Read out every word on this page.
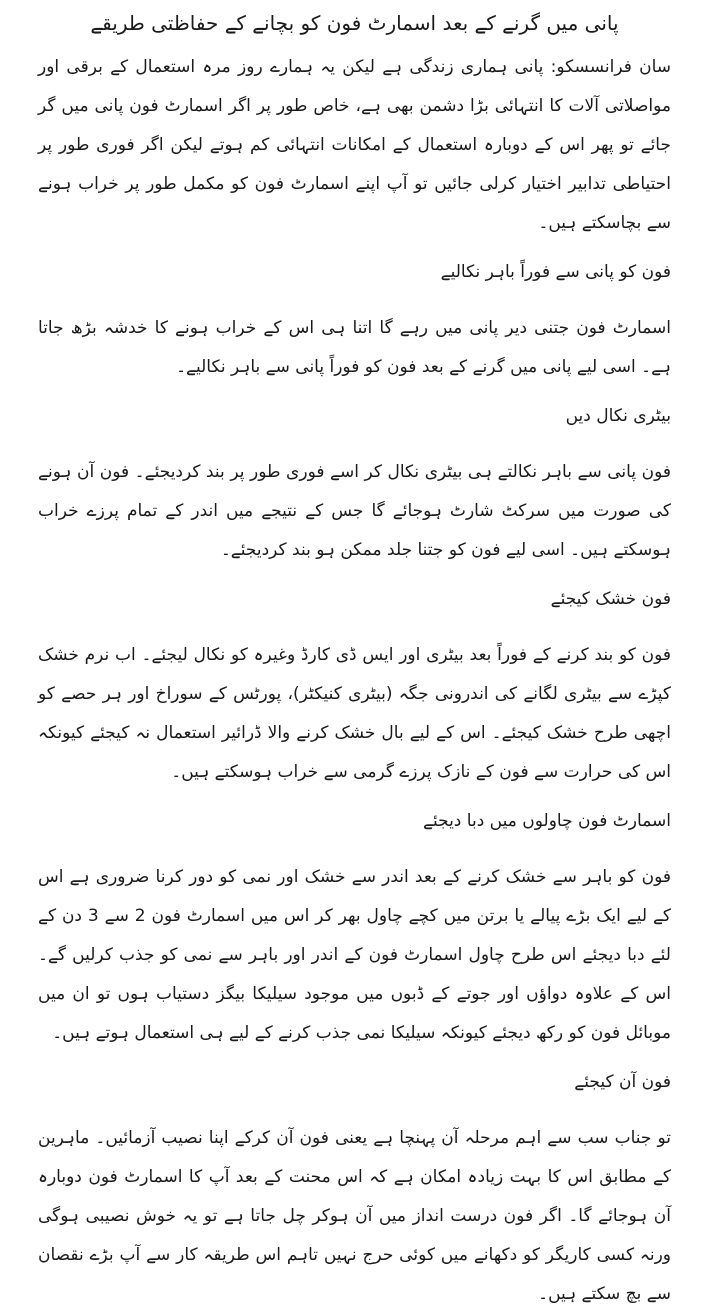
پانی میں گرنے کے بعد اسمارٹ فون کو بچانے کے حفاظتی طریقے

سان فرانسسکو: پانی ہماری زندگی ہے لیکن یہ ہمارے روز مرہ استعمال کے برقی اور مواصلاتی آلات کا انتہائی بڑا دشمن بھی ہے، خاص طور پر اگر اسمارٹ فون پانی میں گر جائے تو پھر اس کے دوبارہ استعمال کے امکانات انتہائی کم ہوتے لیکن اگر فوری طور پر احتیاطی تدابیر اختیار کرلی جائیں تو آپ اپنے اسمارٹ فون کو مکمل طور پر خراب ہونے سے بچاسکتے ہیں۔

فون کو پانی سے فوراً باہر نکالیے

اسمارٹ فون جتنی دیر پانی میں رہے گا اتنا ہی اس کے خراب ہونے کا خدشہ بڑھ جاتا ہے۔ اسی لیے پانی میں گرنے کے بعد فون کو فوراً پانی سے باہر نکالیے۔

بیٹری نکال دیں

فون پانی سے باہر نکالتے ہی بیٹری نکال کر اسے فوری طور پر بند کردیجئے۔ فون آن ہونے کی صورت میں سرکٹ شارٹ ہوجائے گا جس کے نتیجے میں اندر کے تمام پرزے خراب ہوسکتے ہیں۔ اسی لیے فون کو جتنا جلد ممکن ہو بند کردیجئے۔

فون خشک کیجئے

فون کو بند کرنے کے فوراً بعد بیٹری اور ایس ڈی کارڈ وغیرہ کو نکال لیجئے۔ اب نرم خشک کپڑے سے بیٹری لگانے کی اندرونی جگہ (بیٹری کنیکٹر)، پورٹس کے سوراخ اور ہر حصے کو اچھی طرح خشک کیجئے۔ اس کے لیے بال خشک کرنے والا ڈرائیر استعمال نہ کیجئے کیونکہ اس کی حرارت سے فون کے نازک پرزے گرمی سے خراب ہوسکتے ہیں۔

اسمارٹ فون چاولوں میں دبا دیجئے

فون کو باہر سے خشک کرنے کے بعد اندر سے خشک اور نمی کو دور کرنا ضروری ہے اس کے لیے ایک بڑے پیالے یا برتن میں کچے چاول بھر کر اس میں اسمارٹ فون 2 سے 3 دن کے لئے دبا دیجئے اس طرح چاول اسمارٹ فون کے اندر اور باہر سے نمی کو جذب کرلیں گے۔ اس کے علاوہ دواؤں اور جوتے کے ڈبوں میں موجود سیلیکا بیگز دستیاب ہوں تو ان میں موبائل فون کو رکھ دیجئے کیونکہ سیلیکا نمی جذب کرنے کے لیے ہی استعمال ہوتے ہیں۔

فون آن کیجئے

تو جناب سب سے اہم مرحلہ آن پہنچا ہے یعنی فون آن کرکے اپنا نصیب آزمائیں۔ ماہرین کے مطابق اس کا بہت زیادہ امکان ہے کہ اس محنت کے بعد آپ کا اسمارٹ فون دوبارہ آن ہوجائے گا۔ اگر فون درست انداز میں آن ہوکر چل جاتا ہے تو یہ خوش نصیبی ہوگی ورنہ کسی کاریگر کو دکھانے میں کوئی حرج نہیں تاہم اس طریقہ کار سے آپ بڑے نقصان سے بچ سکتے ہیں۔
